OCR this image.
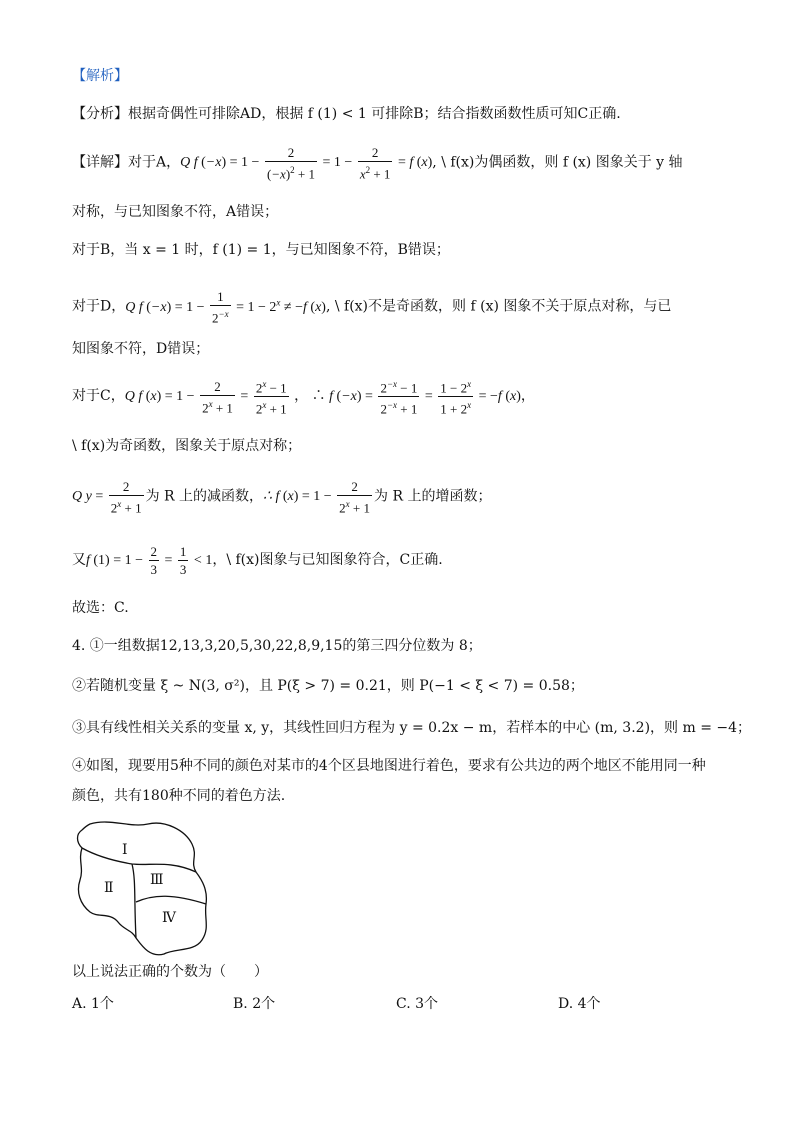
【解析】
【分析】根据奇偶性可排除AD，根据 f (1) < 1 可排除B；结合指数函数性质可知C正确.
【详解】对于A，Q f $(-x) = 1 - \frac{2}{(-x)^2 + 1} = 1 - \frac{2}{x^2 + 1} = f$ (x), \ f(x)为偶函数，则 f (x) 图象关于 y 轴
对称，与已知图象不符，A错误；
对于B，当 x = 1 时，f (1) = 1，与已知图象不符，B错误；
对于D，Q f $(-x) = 1 - \frac{1}{2^{-x}} = 1 - 2^x \ne -f$ (x), \ f(x)不是奇函数，则 f (x) 图象不关于原点对称，与已
知图象不符，D错误；
对于C，Q f $(x) = 1 - \frac{2}{2^x + 1} = \frac{2^x - 1}{2^x + 1}$ ， ∴ f $(-x) = \frac{2^{-x} - 1}{2^{-x} + 1} = \frac{1 - 2^x}{1 + 2^x} = -f$ (x)，
\ f(x)为奇函数，图象关于原点对称；
Q $y = \frac{2}{2^x + 1}$ 为 R 上的减函数，∴ f $(x) = 1 - \frac{2}{2^x + 1}$ 为 R 上的增函数；
又f $(1) = 1 - \frac{2}{3} = \frac{1}{3} < 1$，\ f(x)图象与已知图象符合，C正确.
故选：C.
4. ①一组数据12,13,3,20,5,30,22,8,9,15的第三四分位数为 8；
②若随机变量 ξ ~ N(3, σ²)，且 P(ξ > 7) = 0.21，则 P(−1 < ξ < 7) = 0.58；
③具有线性相关关系的变量 x, y，其线性回归方程为 y = 0.2x − m，若样本的中心 (m, 3.2)，则 m = −4；
④如图，现要用5种不同的颜色对某市的4个区县地图进行着色，要求有公共边的两个地区不能用同一种
颜色，共有180种不同的着色方法.
Ⅰ
Ⅱ
Ⅲ
Ⅳ
以上说法正确的个数为（　　）
A. 1个	B. 2个	C. 3个	D. 4个
